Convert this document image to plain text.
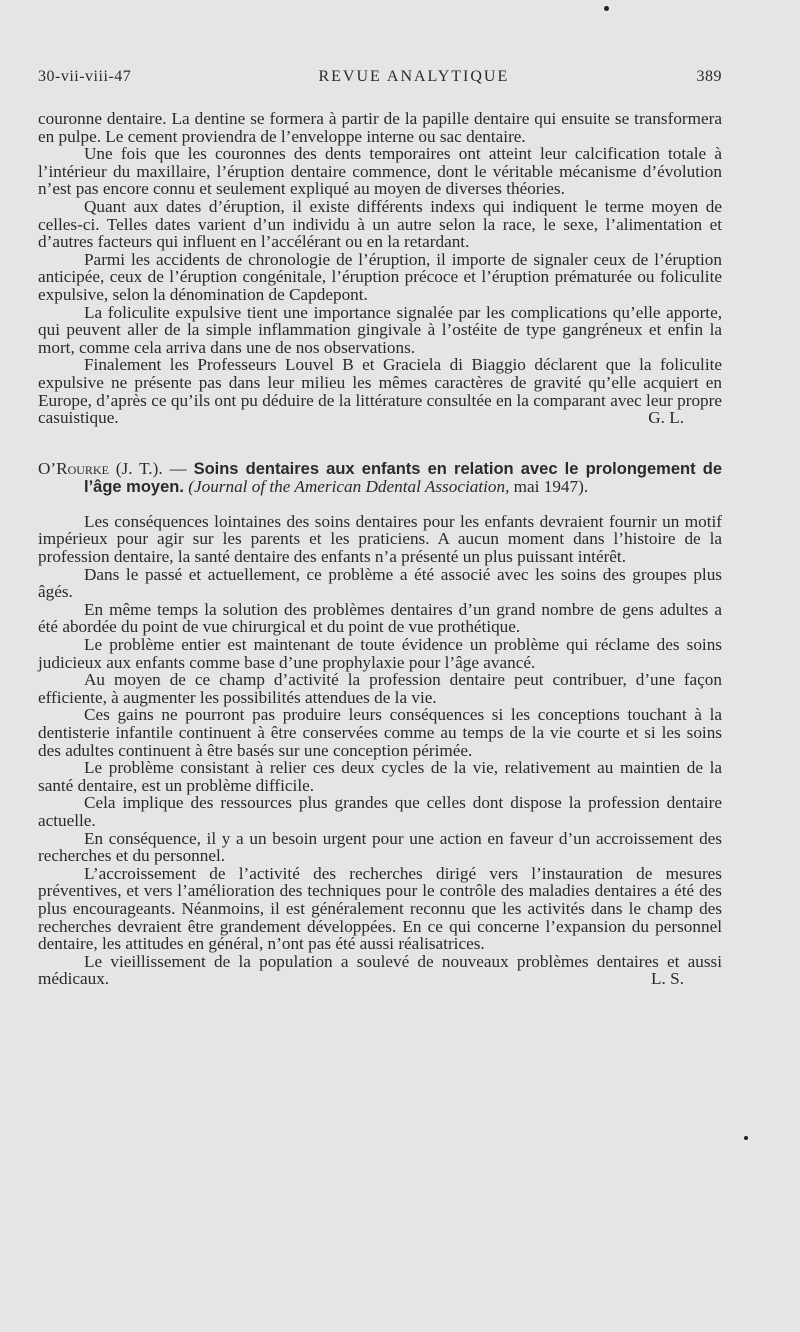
30-vii-viii-47	REVUE ANALYTIQUE	389

couronne dentaire. La dentine se formera à partir de la papille dentaire qui ensuite se transformera en pulpe. Le cement proviendra de l’enveloppe interne ou sac dentaire.

Une fois que les couronnes des dents temporaires ont atteint leur calcification totale à l’intérieur du maxillaire, l’éruption dentaire commence, dont le véritable mécanisme d’évolution n’est pas encore connu et seulement expliqué au moyen de diverses théories.

Quant aux dates d’éruption, il existe différents indexs qui indiquent le terme moyen de celles-ci. Telles dates varient d’un individu à un autre selon la race, le sexe, l’alimentation et d’autres facteurs qui influent en l’accélérant ou en la retardant.

Parmi les accidents de chronologie de l’éruption, il importe de signaler ceux de l’éruption anticipée, ceux de l’éruption congénitale, l’éruption précoce et l’éruption prématurée ou foliculite expulsive, selon la dénomination de Capdepont.

La foliculite expulsive tient une importance signalée par les complications qu’elle apporte, qui peuvent aller de la simple inflammation gingivale à l’ostéite de type gangréneux et enfin la mort, comme cela arriva dans une de nos observations.

Finalement les Professeurs Louvel B et Graciela di Biaggio déclarent que la foliculite expulsive ne présente pas dans leur milieu les mêmes caractères de gravité qu’elle acquiert en Europe, d’après ce qu’ils ont pu déduire de la littérature consultée en la comparant avec leur propre casuistique.	G. L.
O’Rourke (J. T.). — Soins dentaires aux enfants en relation avec le prolongement de l’âge moyen. (Journal of the American Ddental Association, mai 1947).

Les conséquences lointaines des soins dentaires pour les enfants devraient fournir un motif impérieux pour agir sur les parents et les praticiens. A aucun moment dans l’histoire de la profession dentaire, la santé dentaire des enfants n’a présenté un plus puissant intérêt.

Dans le passé et actuellement, ce problème a été associé avec les soins des groupes plus âgés.

En même temps la solution des problèmes dentaires d’un grand nombre de gens adultes a été abordée du point de vue chirurgical et du point de vue prothétique.

Le problème entier est maintenant de toute évidence un problème qui réclame des soins judicieux aux enfants comme base d’une prophylaxie pour l’âge avancé.

Au moyen de ce champ d’activité la profession dentaire peut contribuer, d’une façon efficiente, à augmenter les possibilités attendues de la vie.

Ces gains ne pourront pas produire leurs conséquences si les conceptions touchant à la dentisterie infantile continuent à être conservées comme au temps de la vie courte et si les soins des adultes continuent à être basés sur une conception périmée.

Le problème consistant à relier ces deux cycles de la vie, relativement au maintien de la santé dentaire, est un problème difficile.

Cela implique des ressources plus grandes que celles dont dispose la profession dentaire actuelle.

En conséquence, il y a un besoin urgent pour une action en faveur d’un accroissement des recherches et du personnel.

L’accroissement de l’activité des recherches dirigé vers l’instauration de mesures préventives, et vers l’amélioration des techniques pour le contrôle des maladies dentaires a été des plus encourageants. Néanmoins, il est généralement reconnu que les activités dans le champ des recherches devraient être grandement développées. En ce qui concerne l’expansion du personnel dentaire, les attitudes en général, n’ont pas été aussi réalisatrices.

Le vieillissement de la population a soulevé de nouveaux problèmes dentaires et aussi médicaux.	L. S.
